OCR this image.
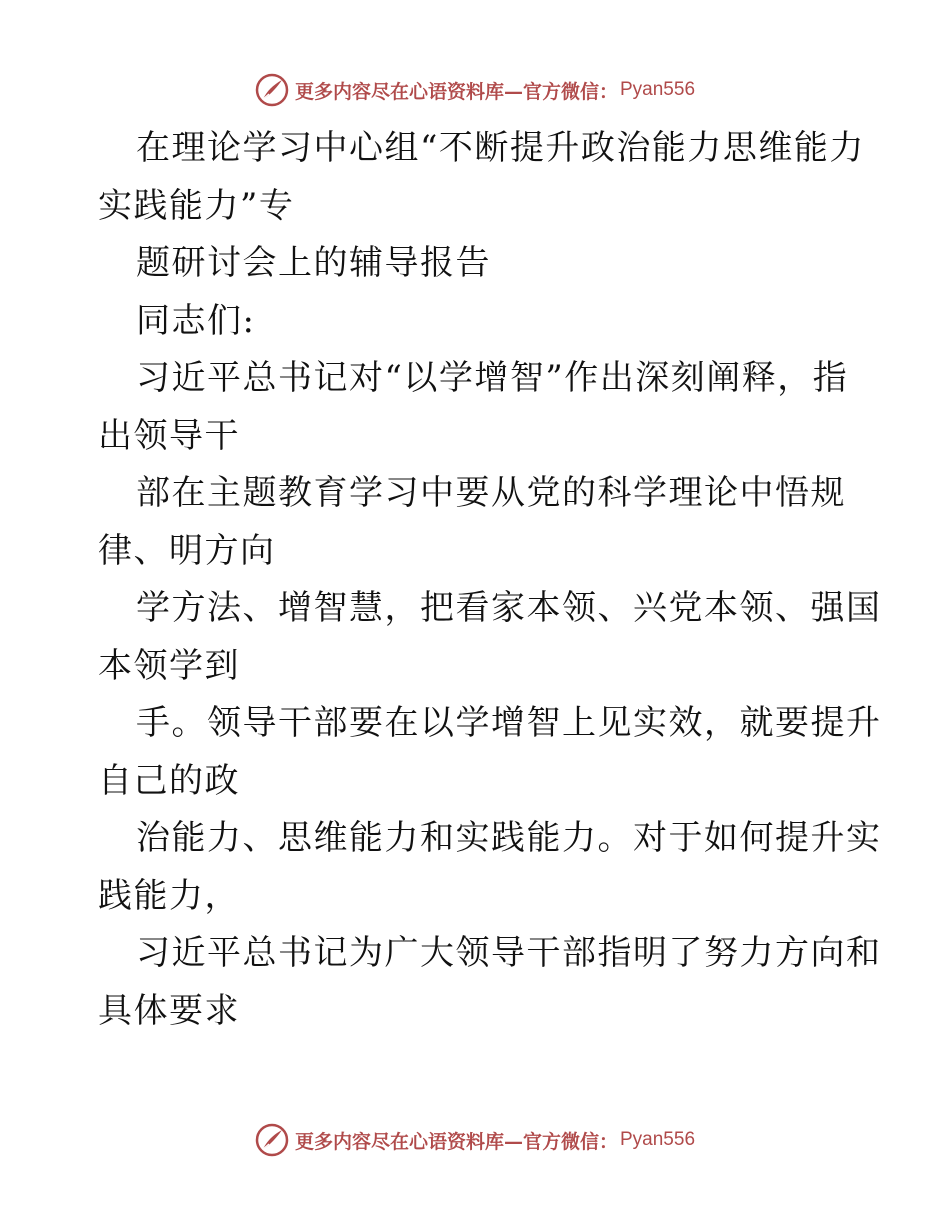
更多内容尽在心语资料库—官方微信： Pyan556
在理论学习中心组“不断提升政治能力思维能力
实践能力”专
题研讨会上的辅导报告
同志们:
习近平总书记对“以学增智”作出深刻阐释，指
出领导干
部在主题教育学习中要从党的科学理论中悟规
律、明方向
学方法、增智慧，把看家本领、兴党本领、强国
本领学到
手。领导干部要在以学增智上见实效，就要提升
自己的政
治能力、思维能力和实践能力。对于如何提升实
践能力，
习近平总书记为广大领导干部指明了努力方向和
具体要求
更多内容尽在心语资料库—官方微信： Pyan556
